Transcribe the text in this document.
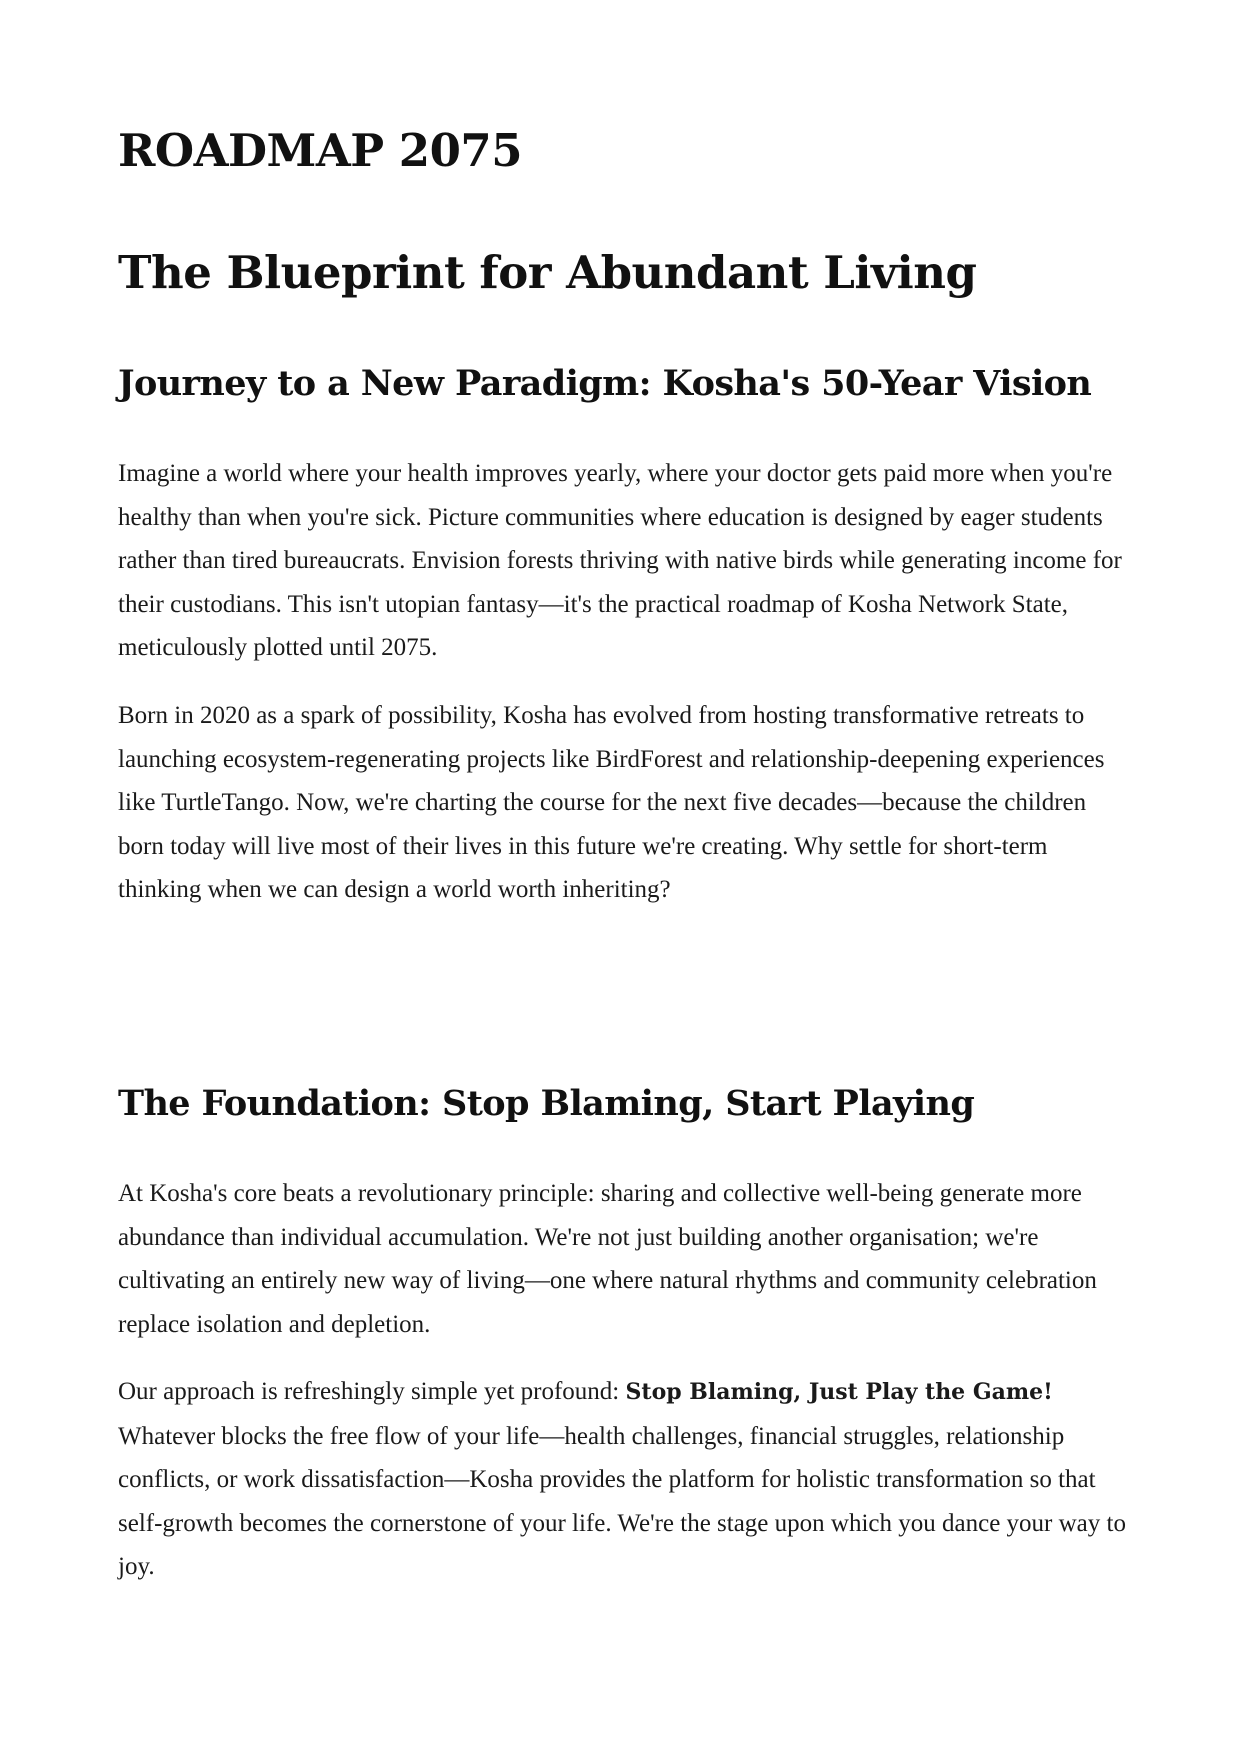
ROADMAP 2075
The Blueprint for Abundant Living
Journey to a New Paradigm: Kosha's 50-Year Vision

Imagine a world where your health improves yearly, where your doctor gets paid more when you're healthy than when you're sick. Picture communities where education is designed by eager students rather than tired bureaucrats. Envision forests thriving with native birds while generating income for their custodians. This isn't utopian fantasy—it's the practical roadmap of Kosha Network State, meticulously plotted until 2075.

Born in 2020 as a spark of possibility, Kosha has evolved from hosting transformative retreats to launching ecosystem-regenerating projects like BirdForest and relationship-deepening experiences like TurtleTango. Now, we're charting the course for the next five decades—because the children born today will live most of their lives in this future we're creating. Why settle for short-term thinking when we can design a world worth inheriting?

The Foundation: Stop Blaming, Start Playing

At Kosha's core beats a revolutionary principle: sharing and collective well-being generate more abundance than individual accumulation. We're not just building another organisation; we're cultivating an entirely new way of living—one where natural rhythms and community celebration replace isolation and depletion.

Our approach is refreshingly simple yet profound: Stop Blaming, Just Play the Game! Whatever blocks the free flow of your life—health challenges, financial struggles, relationship conflicts, or work dissatisfaction—Kosha provides the platform for holistic transformation so that self-growth becomes the cornerstone of your life. We're the stage upon which you dance your way to joy.
